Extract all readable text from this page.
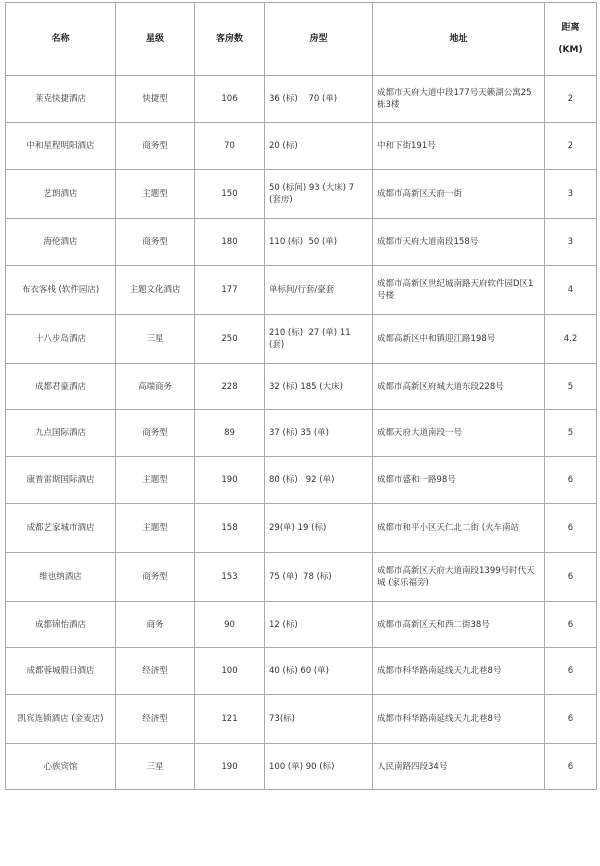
名称	星级	客房数	房型	地址	距离
(KM)

莱克快捷酒店	快捷型	106	36 (标)    70 (单)	成都市天府大道中段177号天籁湖公寓25栋3楼	2
中和星程明阳酒店	商务型	70	20 (标)	中和下街191号	2
艺朗酒店	主题型	150	50 (标间) 93 (大床) 7 (套房)	成都市高新区天府一街	3
海伦酒店	商务型	180	110 (标)  50 (单)	成都市天府大道南段158号	3
布衣客栈 (软件园店)	主题文化酒店	177	单标间/行套/豪套	成都市高新区世纪城南路天府软件园D区1号楼	4
十八步岛酒店	三星	250	210 (标)  27 (单) 11 (套)	成都高新区中和镇迎江路198号	4.2
成都君豪酒店	高端商务	228	32 (标) 185 (大床)	成都市高新区府城大道东段228号	5
九点国际酒店	商务型	89	37 (标) 35 (单)	成都天府大道南段一号	5
康普雷斯国际酒店	主题型	190	80 (标)   92 (单)	成都市盛和一路98号	6
成都艺家城市酒店	主题型	158	29(单) 19 (标)	成都市和平小区天仁北二街 (火车南站	6
维也纳酒店	商务型	153	75 (单)  78 (标)	成都市高新区天府大道南段1399号时代天城 (家乐福旁)	6
成都锦怡酒店	商务	90	12 (标)	成都市高新区天和西二街38号	6
成都蓉城假日酒店	经济型	100	40 (标) 60 (单)	成都市科华路南延线天九北巷8号	6
凯宾连锁酒店 (金麦店)	经济型	121	73(标)	成都市科华路南延线天九北巷8号	6
心族宾馆	三星	190	100 (单) 90 (标)	人民南路四段34号	6
